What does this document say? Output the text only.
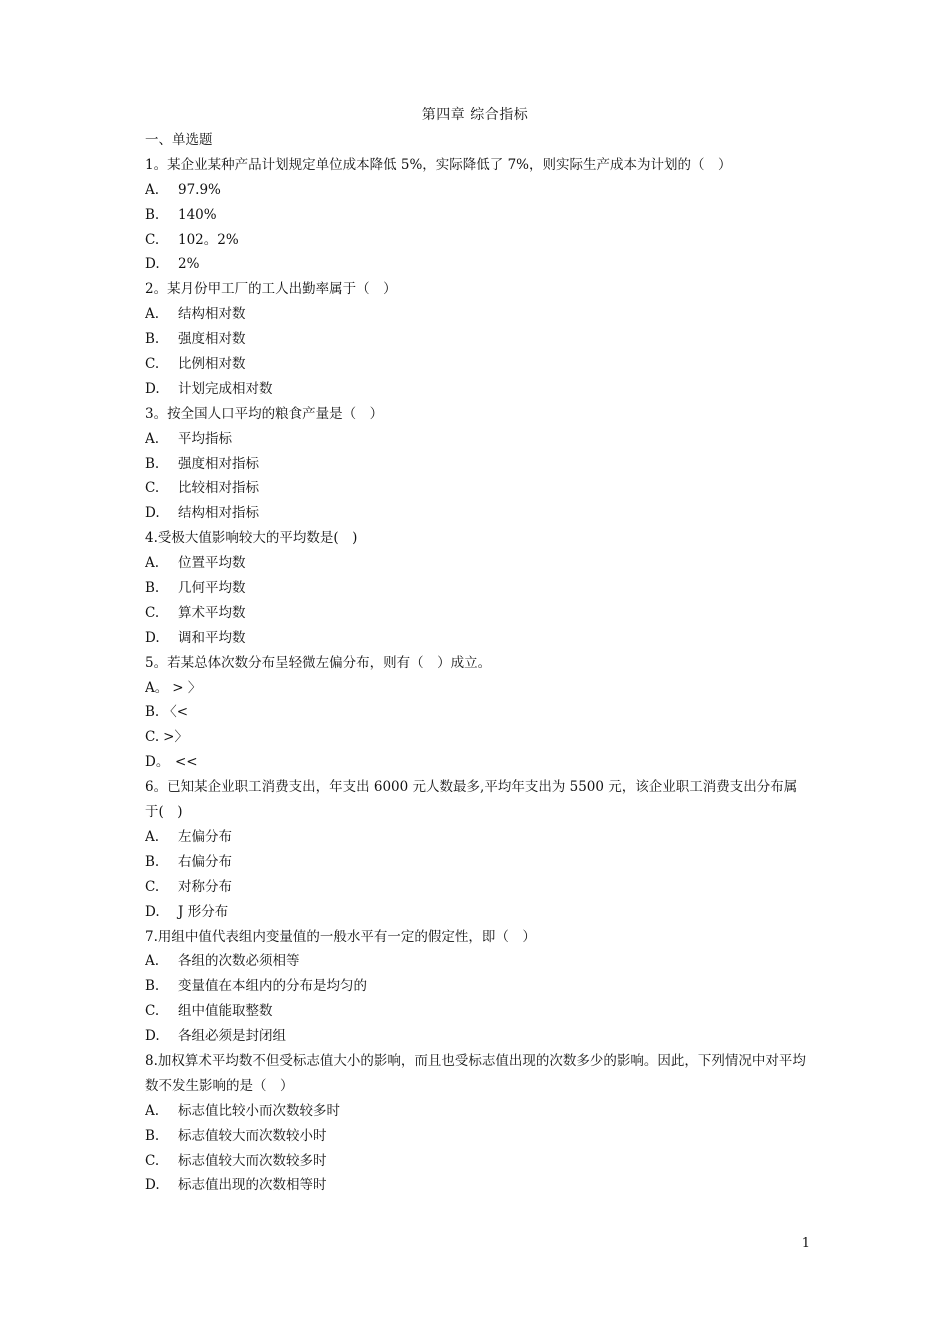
第四章 综合指标
一、单选题
1。某企业某种产品计划规定单位成本降低 5%，实际降低了 7%，则实际生产成本为计划的（　）
A. 97.9%
B. 140%
C. 102。2%
D. 2%
2。某月份甲工厂的工人出勤率属于（　）
A. 结构相对数
B. 强度相对数
C. 比例相对数
D. 计划完成相对数
3。按全国人口平均的粮食产量是（　）
A. 平均指标
B. 强度相对指标
C. 比较相对指标
D. 结构相对指标
4.受极大值影响较大的平均数是(　)
A. 位置平均数
B. 几何平均数
C. 算术平均数
D. 调和平均数
5。若某总体次数分布呈轻微左偏分布，则有（　）成立。
A。 > 〉
B. 〈<
C. >〉
D。 <<
6。已知某企业职工消费支出，年支出 6000 元人数最多,平均年支出为 5500 元，该企业职工消费支出分布属于(　)
A. 左偏分布
B. 右偏分布
C. 对称分布
D. J 形分布
7.用组中值代表组内变量值的一般水平有一定的假定性，即（　）
A. 各组的次数必须相等
B. 变量值在本组内的分布是均匀的
C. 组中值能取整数
D. 各组必须是封闭组
8.加权算术平均数不但受标志值大小的影响，而且也受标志值出现的次数多少的影响。因此，下列情况中对平均数不发生影响的是（　）
A. 标志值比较小而次数较多时
B. 标志值较大而次数较小时
C. 标志值较大而次数较多时
D. 标志值出现的次数相等时
1
